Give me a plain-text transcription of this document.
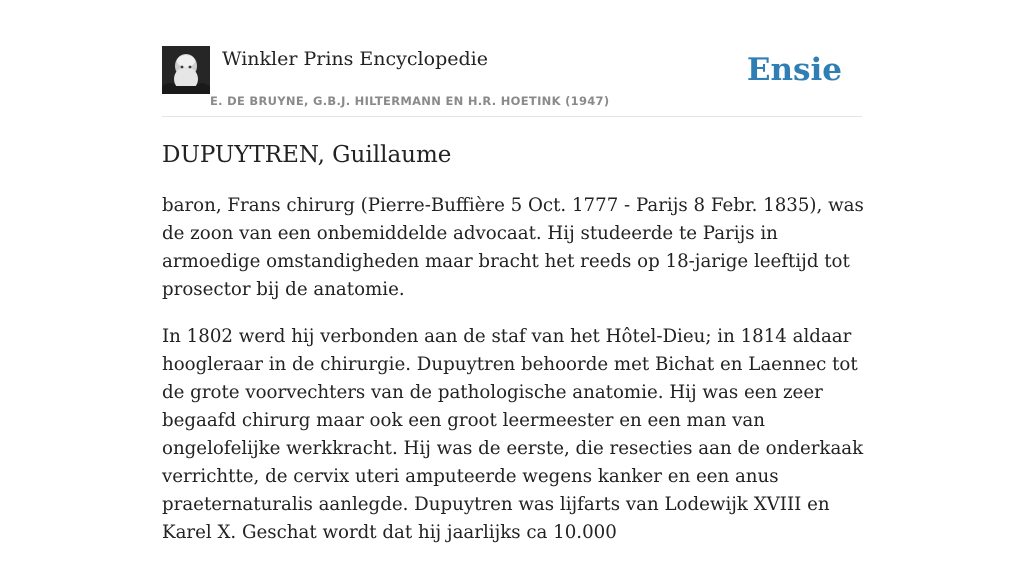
Winkler Prins Encyclopedie
E. DE BRUYNE, G.B.J. HILTERMANN EN H.R. HOETINK (1947)
Ensie
DUPUYTREN, Guillaume

baron, Frans chirurg (Pierre-Buffière 5 Oct. 1777 - Parijs 8 Febr. 1835), was de zoon van een onbemiddelde advocaat. Hij studeerde te Parijs in armoedige omstandigheden maar bracht het reeds op 18-jarige leeftijd tot prosector bij de anatomie.

In 1802 werd hij verbonden aan de staf van het Hôtel-Dieu; in 1814 aldaar hoogleraar in de chirurgie. Dupuytren behoorde met Bichat en Laennec tot de grote voorvechters van de pathologische anatomie. Hij was een zeer begaafd chirurg maar ook een groot leermeester en een man van ongelofelijke werkkracht. Hij was de eerste, die resecties aan de onderkaak verrichtte, de cervix uteri amputeerde wegens kanker en een anus praeternaturalis aanlegde. Dupuytren was lijfarts van Lodewijk XVIII en Karel X. Geschat wordt dat hij jaarlijks ca 10.000
